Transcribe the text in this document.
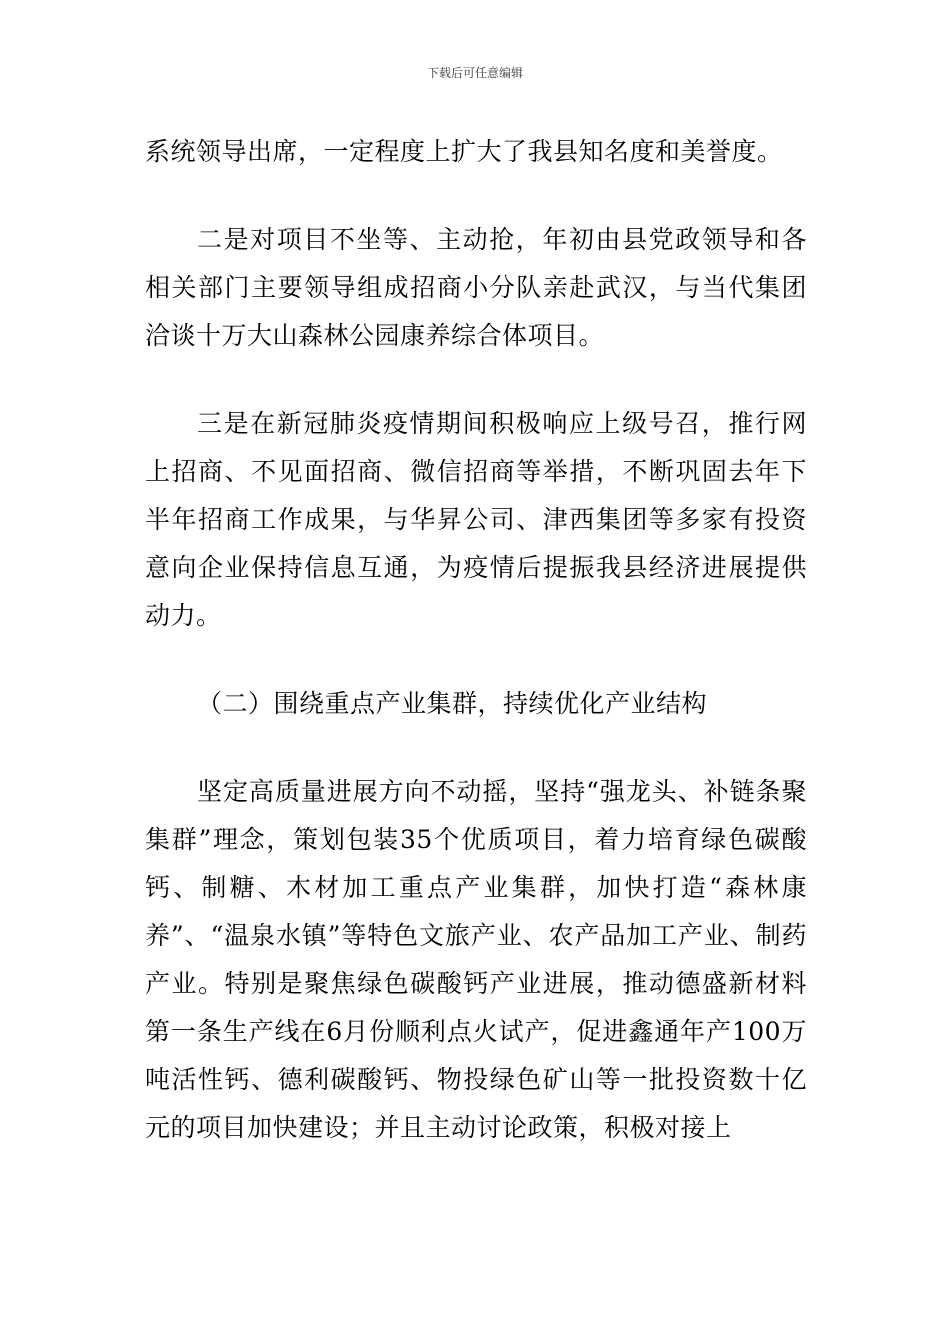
下载后可任意编辑

系统领导出席，一定程度上扩大了我县知名度和美誉度。

二是对项目不坐等、主动抢，年初由县党政领导和各相关部门主要领导组成招商小分队亲赴武汉，与当代集团洽谈十万大山森林公园康养综合体项目。

三是在新冠肺炎疫情期间积极响应上级号召，推行网上招商、不见面招商、微信招商等举措，不断巩固去年下半年招商工作成果，与华昇公司、津西集团等多家有投资意向企业保持信息互通，为疫情后提振我县经济进展提供动力。

（二）围绕重点产业集群，持续优化产业结构

坚定高质量进展方向不动摇，坚持“强龙头、补链条聚集群”理念，策划包装35个优质项目，着力培育绿色碳酸钙、制糖、木材加工重点产业集群，加快打造“森林康养”、“温泉水镇”等特色文旅产业、农产品加工产业、制药产业。特别是聚焦绿色碳酸钙产业进展，推动德盛新材料第一条生产线在6月份顺利点火试产，促进鑫通年产100万吨活性钙、德利碳酸钙、物投绿色矿山等一批投资数十亿元的项目加快建设；并且主动讨论政策，积极对接上
